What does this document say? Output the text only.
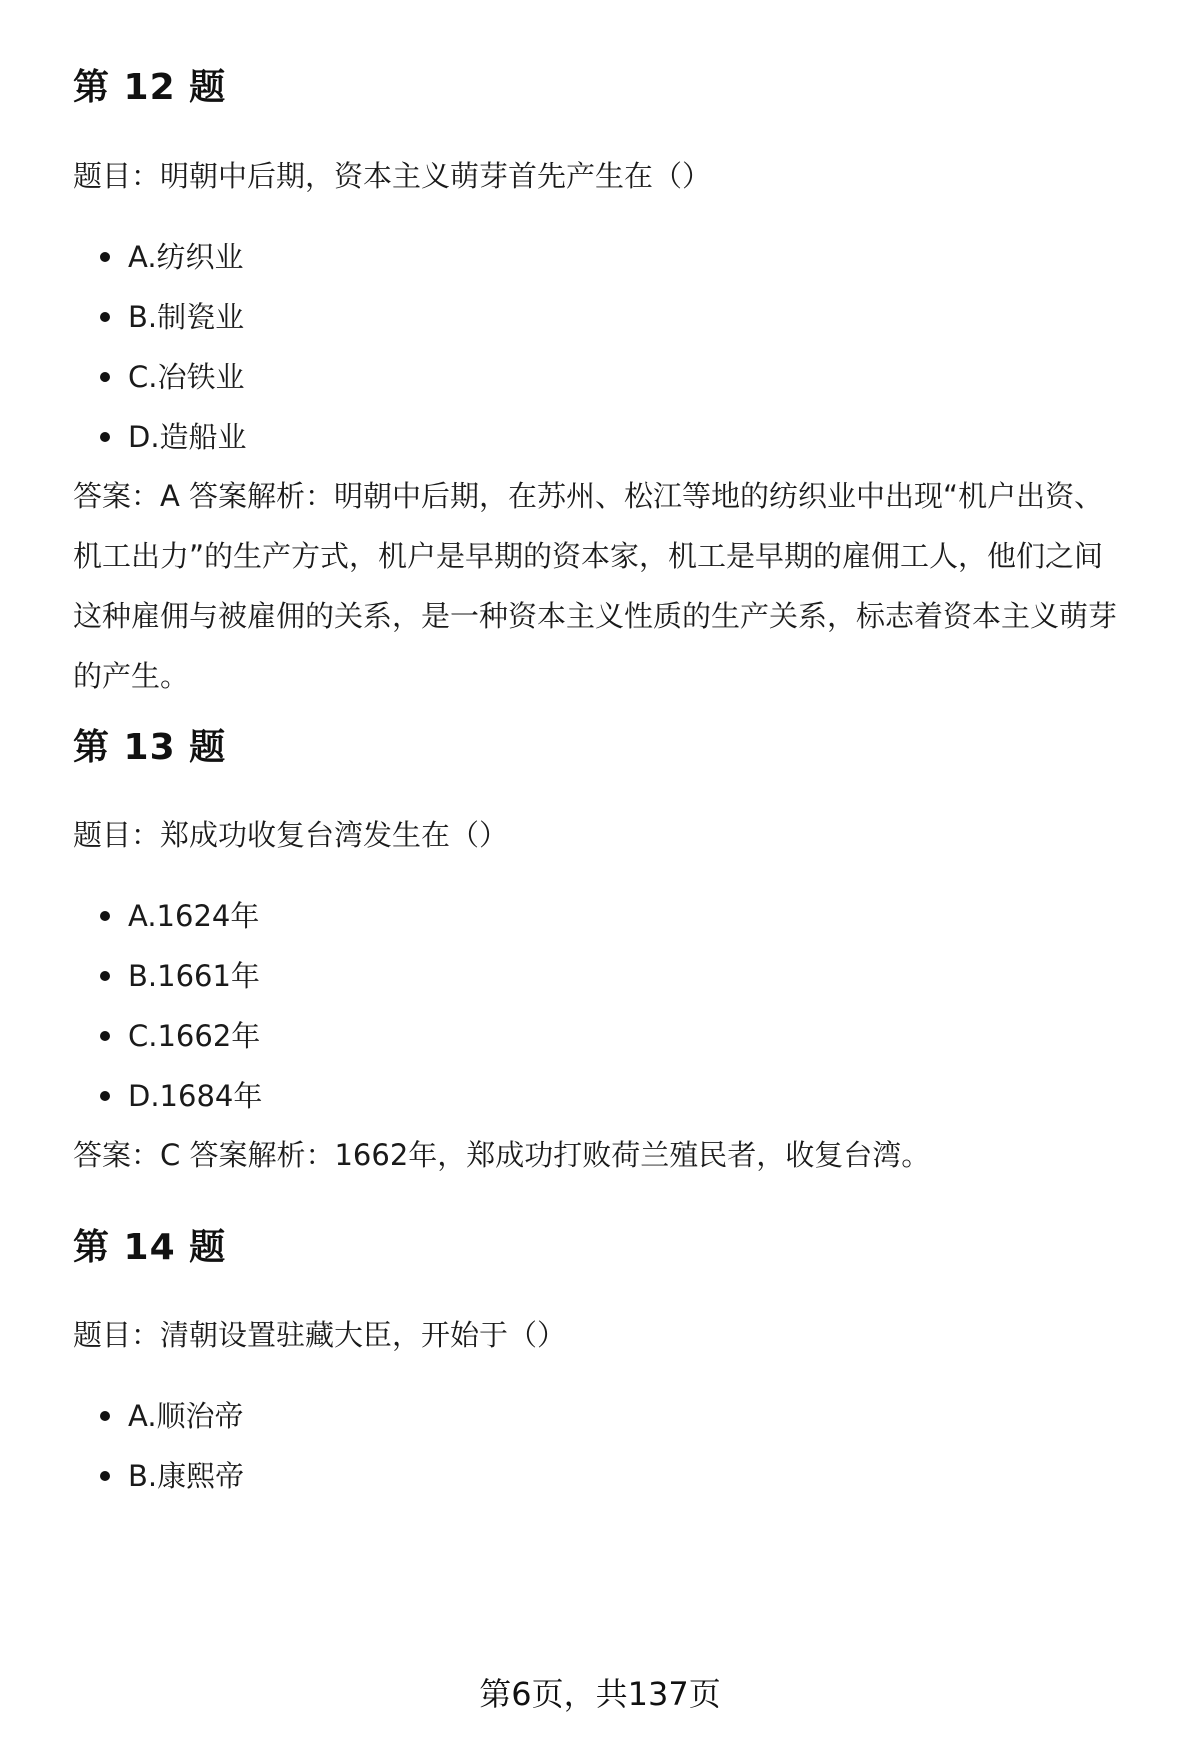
第 12 题

题目：明朝中后期，资本主义萌芽首先产生在（）

A.纺织业
B.制瓷业
C.冶铁业
D.造船业

答案：A 答案解析：明朝中后期，在苏州、松江等地的纺织业中出现“机户出资、
机工出力”的生产方式，机户是早期的资本家，机工是早期的雇佣工人，他们之间
这种雇佣与被雇佣的关系，是一种资本主义性质的生产关系，标志着资本主义萌芽
的产生。

第 13 题

题目：郑成功收复台湾发生在（）

A.1624年
B.1661年
C.1662年
D.1684年

答案：C 答案解析：1662年，郑成功打败荷兰殖民者，收复台湾。

第 14 题

题目：清朝设置驻藏大臣，开始于（）

A.顺治帝
B.康熙帝
第6页，共137页
